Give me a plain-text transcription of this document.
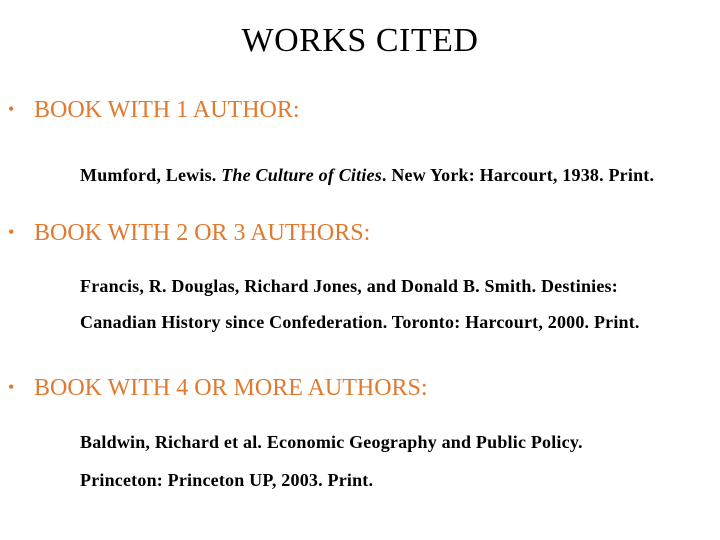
WORKS CITED
• BOOK WITH 1 AUTHOR:
Mumford, Lewis. The Culture of Cities. New York: Harcourt, 1938. Print.
• BOOK WITH 2 OR 3 AUTHORS:
Francis, R. Douglas, Richard Jones, and Donald B. Smith. Destinies:
Canadian History since Confederation. Toronto: Harcourt, 2000. Print.
• BOOK WITH 4 OR MORE AUTHORS:
Baldwin, Richard et al. Economic Geography and Public Policy.
Princeton: Princeton UP, 2003. Print.
